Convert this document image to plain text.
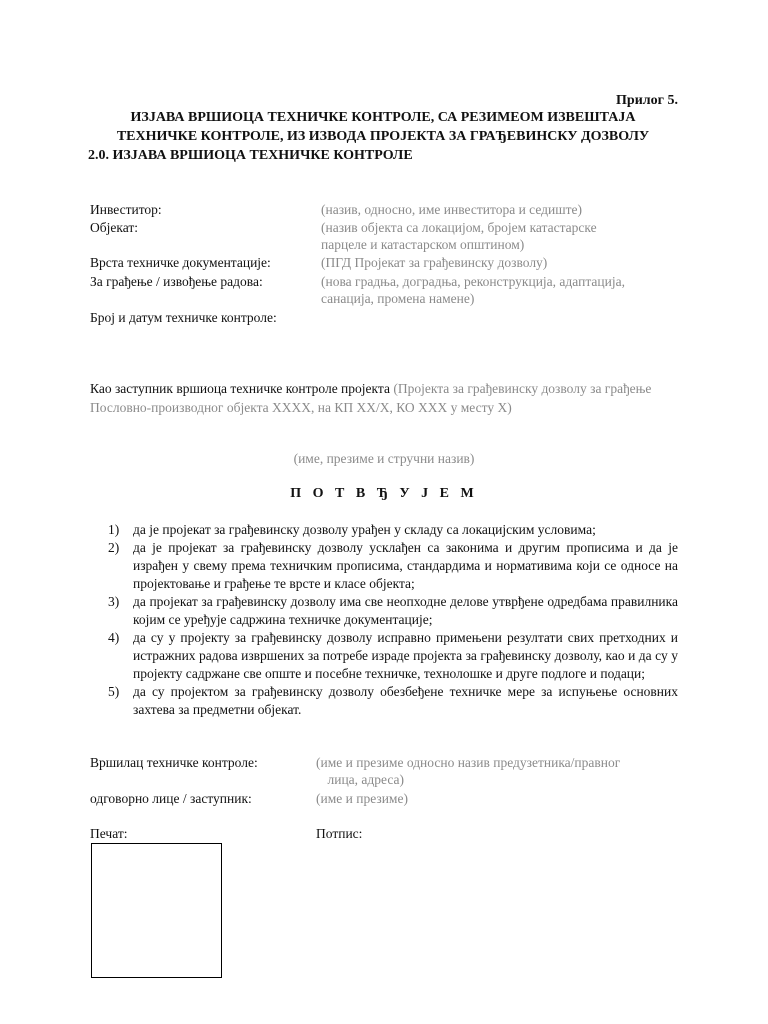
Прилог 5.
ИЗЈАВА ВРШИОЦА ТЕХНИЧКЕ КОНТРОЛЕ, СА РЕЗИМЕОМ ИЗВЕШТАЈА
ТЕХНИЧКЕ КОНТРОЛЕ, ИЗ ИЗВОДА ПРОЈЕКТА ЗА ГРАЂЕВИНСКУ ДОЗВОЛУ
2.0. ИЗЈАВА ВРШИОЦА ТЕХНИЧКЕ КОНТРОЛЕ
Инвеститор:	(назив, односно, име инвеститора и седиште)
Објекат:	(назив објекта са локацијом, бројем катастарске
парцеле и катастарском општином)
Врста техничке документације:	(ПГД Пројекат за грађевинску дозволу)
За грађење / извођење радова:	(нова градња, доградња, реконструкција, адаптација,
санација, промена намене)
Број и датум техничке контроле:
Као заступник вршиоца техничке контроле пројекта (Пројекта за грађевинску дозволу за грађење Пословно-производног објекта XXXX, на КП XX/X, КО XXX у месту X)
(име, презиме и стручни назив)
П О Т В Ђ У Ј Е М
1) да је пројекат за грађевинску дозволу урађен у складу са локацијским условима;
2) да је пројекат за грађевинску дозволу усклађен са законима и другим прописима и да је израђен у свему према техничким прописима, стандардима и нормативима који се односе на пројектовање и грађење те врсте и класе објекта;
3) да пројекат за грађевинску дозволу има све неопходне делове утврђене одредбама правилника којим се уређује садржина техничке документације;
4) да су у пројекту за грађевинску дозволу исправно примењени резултати свих претходних и истражних радова извршених за потребе израде пројекта за грађевинску дозволу, као и да су у пројекту садржане све опште и посебне техничке, технолошке и друге подлоге и подаци;
5) да су пројектом за грађевинску дозволу обезбеђене техничке мере за испуњење основних захтева за предметни објекат.
Вршилац техничке контроле:	(име и презиме односно назив предузетника/правног
лица, адреса)
одговорно лице / заступник:	(име и презиме)
Печат:	Потпис:
